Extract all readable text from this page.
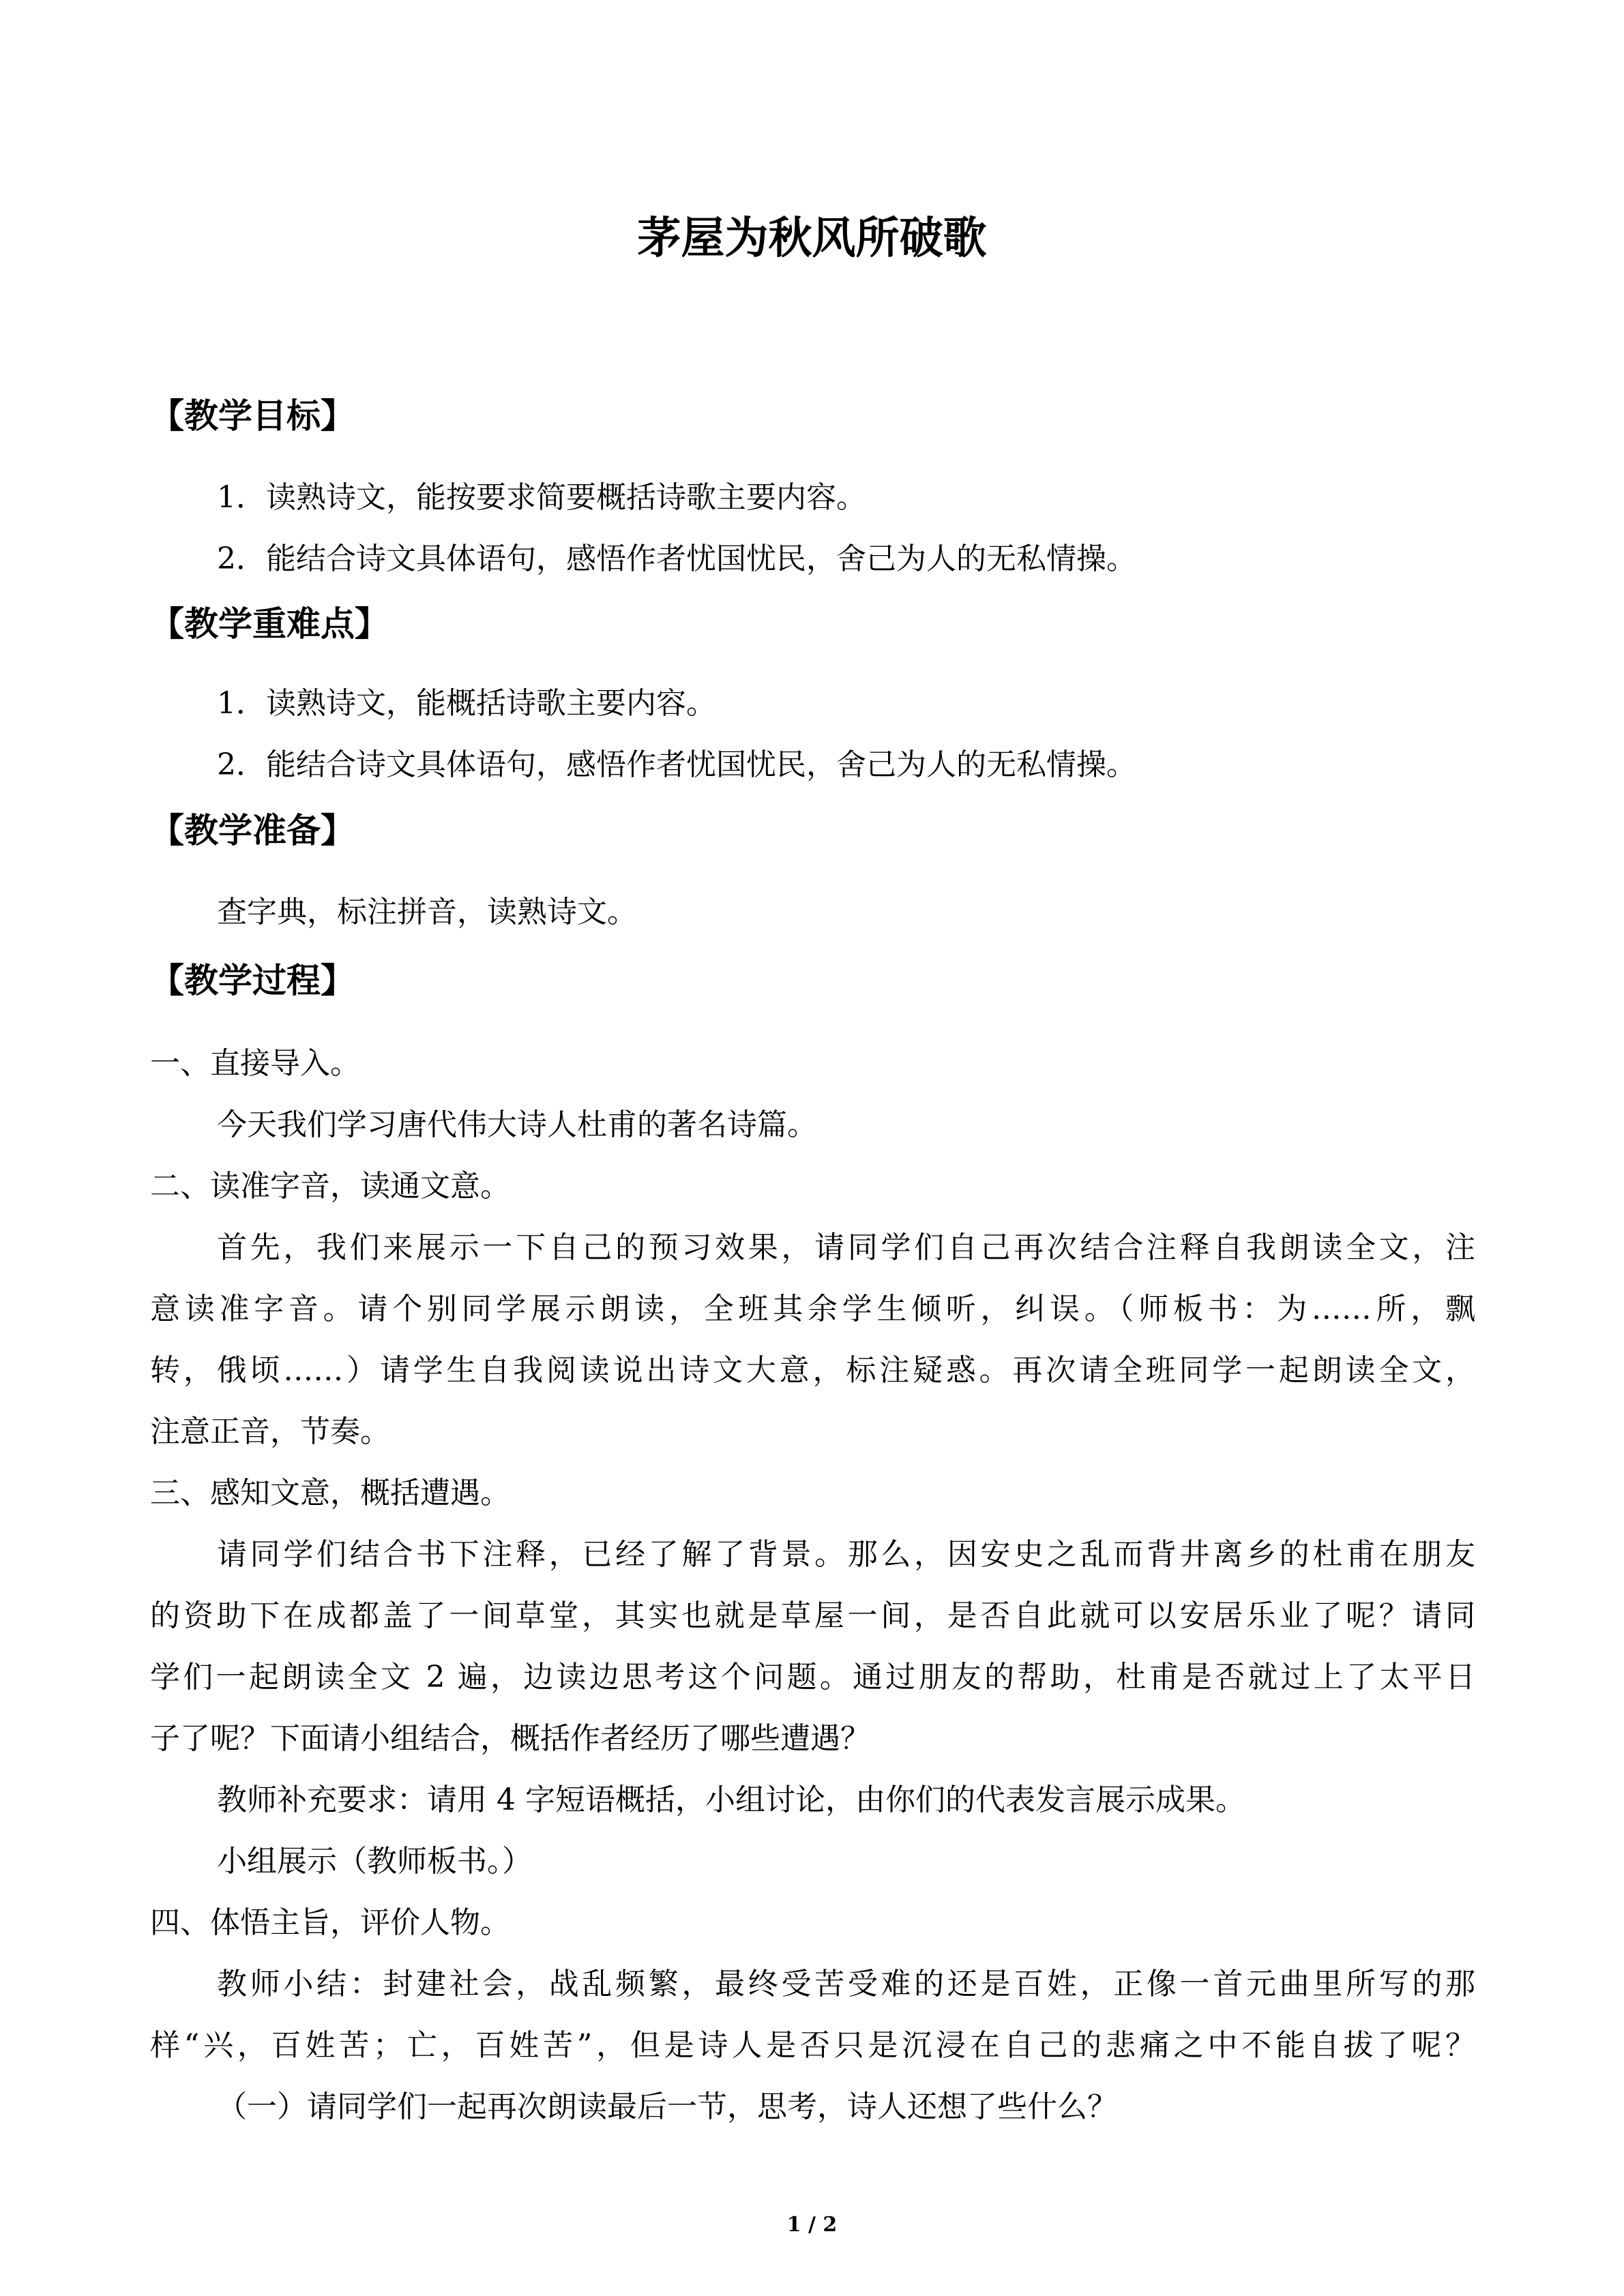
茅屋为秋风所破歌
【教学目标】
1．读熟诗文，能按要求简要概括诗歌主要内容。
2．能结合诗文具体语句，感悟作者忧国忧民，舍己为人的无私情操。
【教学重难点】
1．读熟诗文，能概括诗歌主要内容。
2．能结合诗文具体语句，感悟作者忧国忧民，舍己为人的无私情操。
【教学准备】
查字典，标注拼音，读熟诗文。
【教学过程】
一、直接导入。
今天我们学习唐代伟大诗人杜甫的著名诗篇。
二、读准字音，读通文意。
首先，我们来展示一下自己的预习效果，请同学们自己再次结合注释自我朗读全文，注
意读准字音。请个别同学展示朗读，全班其余学生倾听，纠误。（师板书：为……所，飘
转，俄顷……）请学生自我阅读说出诗文大意，标注疑惑。再次请全班同学一起朗读全文，
注意正音，节奏。
三、感知文意，概括遭遇。
请同学们结合书下注释，已经了解了背景。那么，因安史之乱而背井离乡的杜甫在朋友
的资助下在成都盖了一间草堂，其实也就是草屋一间，是否自此就可以安居乐业了呢？请同
学们一起朗读全文 2 遍，边读边思考这个问题。通过朋友的帮助，杜甫是否就过上了太平日
子了呢？下面请小组结合，概括作者经历了哪些遭遇？
教师补充要求：请用 4 字短语概括，小组讨论，由你们的代表发言展示成果。
小组展示（教师板书。）
四、体悟主旨，评价人物。
教师小结：封建社会，战乱频繁，最终受苦受难的还是百姓，正像一首元曲里所写的那
样“兴，百姓苦；亡，百姓苦”，但是诗人是否只是沉浸在自己的悲痛之中不能自拔了呢？
（一）请同学们一起再次朗读最后一节，思考，诗人还想了些什么？
1 / 2
